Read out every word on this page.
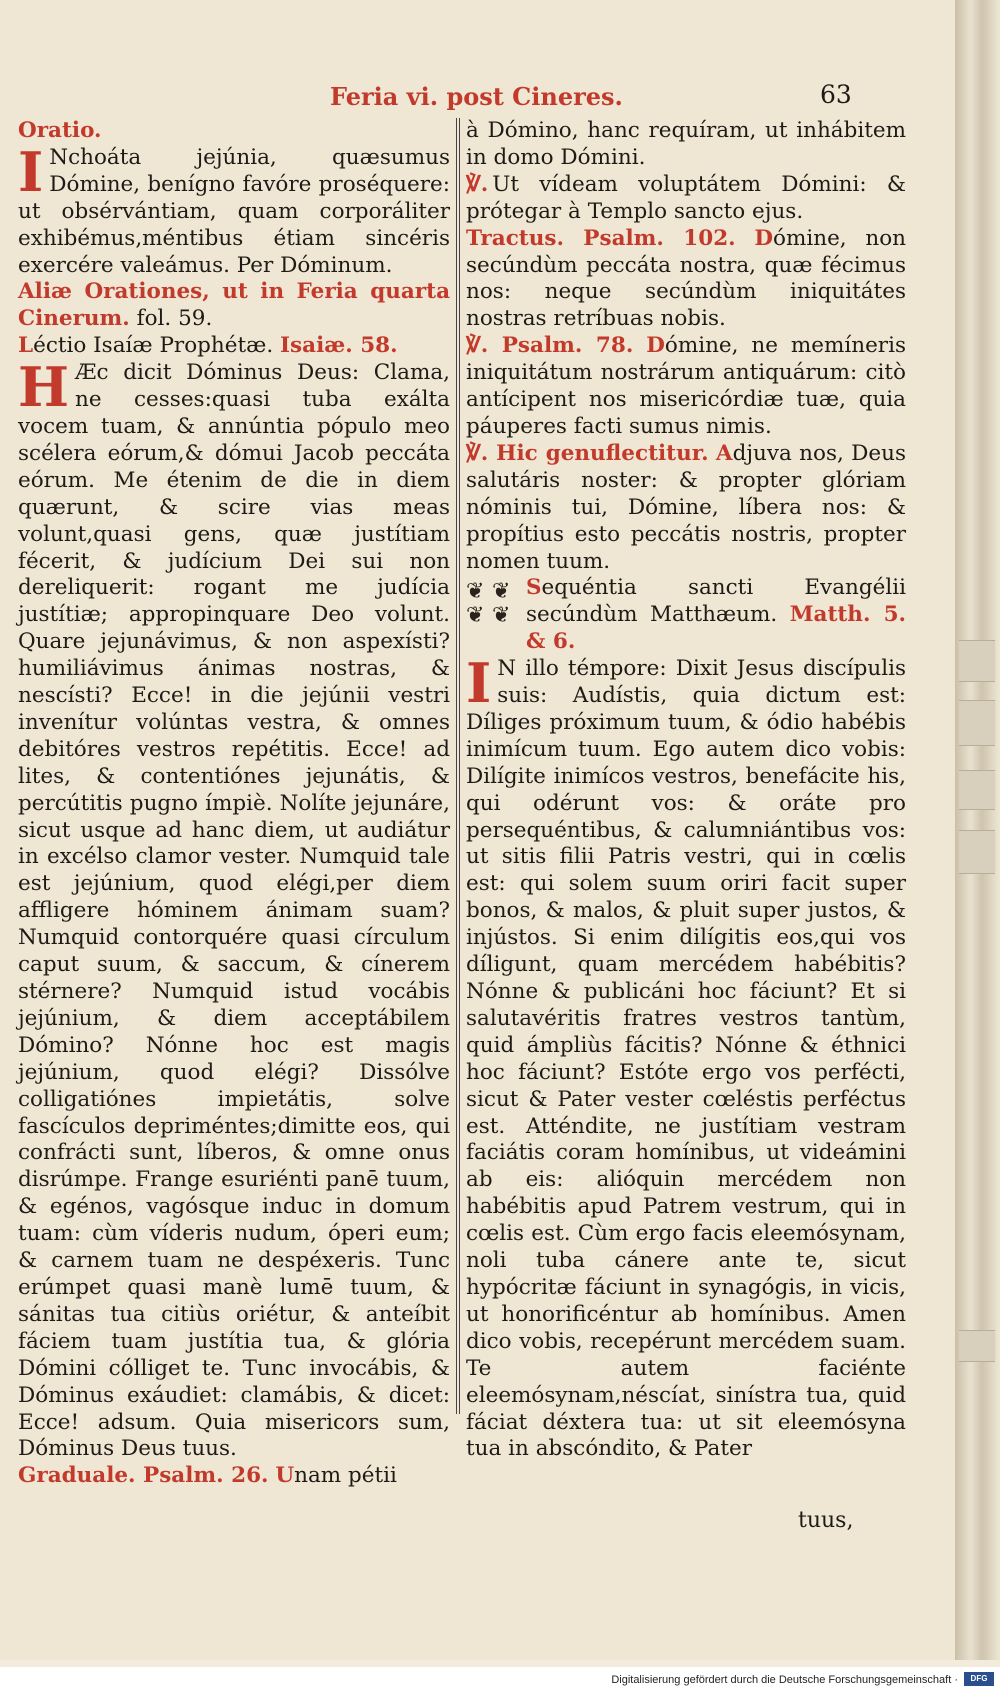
Feria vi. post Cineres.	63

Oratio.

I Nchoáta jejúnia, quæsumus Dómine, benígno favóre proséquere: ut obsérvántiam, quam corporáliter exhibémus,méntibus étiam sincéris exercére valeámus. Per Dóminum.

Aliæ Orationes, ut in Feria quarta Cinerum. fol. 59.

Léctio Isaíæ Prophétæ. Isaiæ. 58.

H Æc dicit Dóminus Deus: Clama, ne cesses:quasi tuba exálta vocem tuam, & annúntia pópulo meo scélera eórum,& dómui Jacob peccáta eórum. Me étenim de die in diem quærunt, & scire vias meas volunt,quasi gens, quæ justítiam fécerit, & judícium Dei sui non dereliquerit: rogant me judícia justítiæ; appropinquare Deo volunt. Quare jejunávimus, & non aspexísti? humiliávimus ánimas nostras, & nescísti? Ecce! in die jejúnii vestri invenítur volúntas vestra, & omnes debitóres vestros repétitis. Ecce! ad lites, & contentiónes jejunátis, & percútitis pugno ímpiè. Nolíte jejunáre, sicut usque ad hanc diem, ut audiátur in excélso clamor vester. Numquid tale est jejúnium, quod elégi,per diem affligere hóminem ánimam suam? Numquid contorquére quasi círculum caput suum, & saccum, & cínerem stérnere? Numquid istud vocábis jejúnium, & diem acceptábilem Dómino? Nónne hoc est magis jejúnium, quod elégi? Dissólve colligatiónes impietátis, solve fascículos depriméntes;dimitte eos, qui confrácti sunt, líberos, & omne onus disrúmpe. Frange esuriénti panē tuum, & egénos, vagósque induc in domum tuam: cùm víderis nudum, óperi eum; & carnem tuam ne despéxeris. Tunc erúmpet quasi manè lumē tuum, & sánitas tua citiùs oriétur, & anteíbit fáciem tuam justítia tua, & glória Dómini cólliget te. Tunc invocábis, & Dóminus exáudiet: clamábis, & dicet: Ecce! adsum. Quia misericors sum, Dóminus Deus tuus.

Graduale. Psalm. 26. Unam pétii

à Dómino, hanc requíram, ut inhábitem in domo Dómini.

℣. Ut vídeam voluptátem Dómini: & prótegar à Templo sancto ejus.

Tractus. Psalm. 102. Dómine, non secúndùm peccáta nostra, quæ fécimus nos: neque secúndùm iniquitátes nostras retríbuas nobis.

℣. Psalm. 78. Dómine, ne memíneris iniquitátum nostrárum antiquárum: citò antícipent nos misericórdiæ tuæ, quia páuperes facti sumus nimis.

℣. Hic genuflectitur. Adjuva nos, Deus salutáris noster: & propter glóriam nóminis tui, Dómine, líbera nos: & propítius esto peccátis nostris, propter nomen tuum.

❦ ❦
❦ ❦
Sequéntia sancti Evangélii secúndùm Matthæum. Matth. 5. & 6.

I N illo témpore: Dixit Jesus discípulis suis: Audístis, quia dictum est: Díliges próximum tuum, & ódio habébis inimícum tuum. Ego autem dico vobis: Dilígite inimícos vestros, benefácite his, qui odérunt vos: & oráte pro persequéntibus, & calumniántibus vos: ut sitis filii Patris vestri, qui in cœlis est: qui solem suum oriri facit super bonos, & malos, & pluit super justos, & injústos. Si enim dilígitis eos,qui vos díligunt, quam mercédem habébitis? Nónne & publicáni hoc fáciunt? Et si salutavéritis fratres vestros tantùm, quid ámpliùs fácitis? Nónne & éthnici hoc fáciunt? Estóte ergo vos perfécti, sicut & Pater vester cœléstis perféctus est. Atténdite, ne justítiam vestram faciátis coram homínibus, ut videámini ab eis: alióquin mercédem non habébitis apud Patrem vestrum, qui in cœlis est. Cùm ergo facis eleemósynam, noli tuba cánere ante te, sicut hypócritæ fáciunt in synagógis, in vicis, ut honorificéntur ab homínibus. Amen dico vobis, recepérunt mercédem suam. Te autem faciénte eleemósynam,néscíat, sinístra tua, quid fáciat déxtera tua: ut sit eleemósyna tua in abscóndito, & Pater

tuus,
Digitalisierung gefördert durch die Deutsche Forschungsgemeinschaft ·	DFG
